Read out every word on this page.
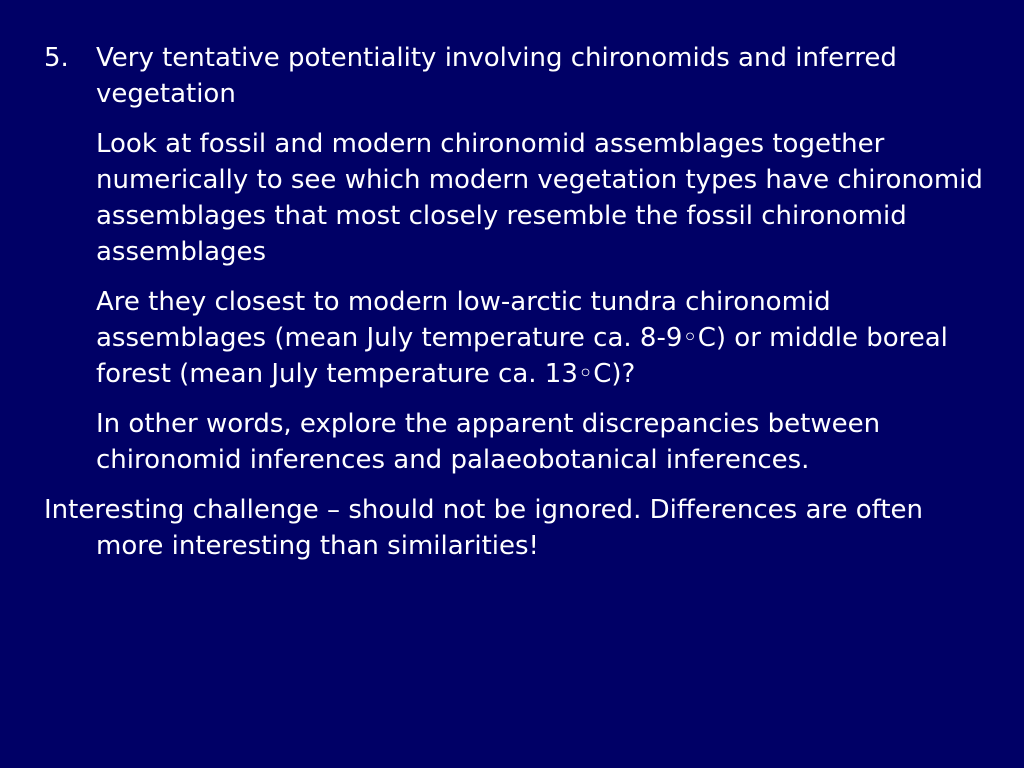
5.	Very tentative potentiality involving chironomids and inferred vegetation

Look at fossil and modern chironomid assemblages together numerically to see which modern vegetation types have chironomid assemblages that most closely resemble the fossil chironomid assemblages

Are they closest to modern low-arctic tundra chironomid assemblages (mean July temperature ca. 8-9◦C) or middle boreal forest (mean July temperature ca. 13◦C)?

In other words, explore the apparent discrepancies between chironomid inferences and palaeobotanical inferences.

Interesting challenge – should not be ignored. Differences are often more interesting than similarities!
